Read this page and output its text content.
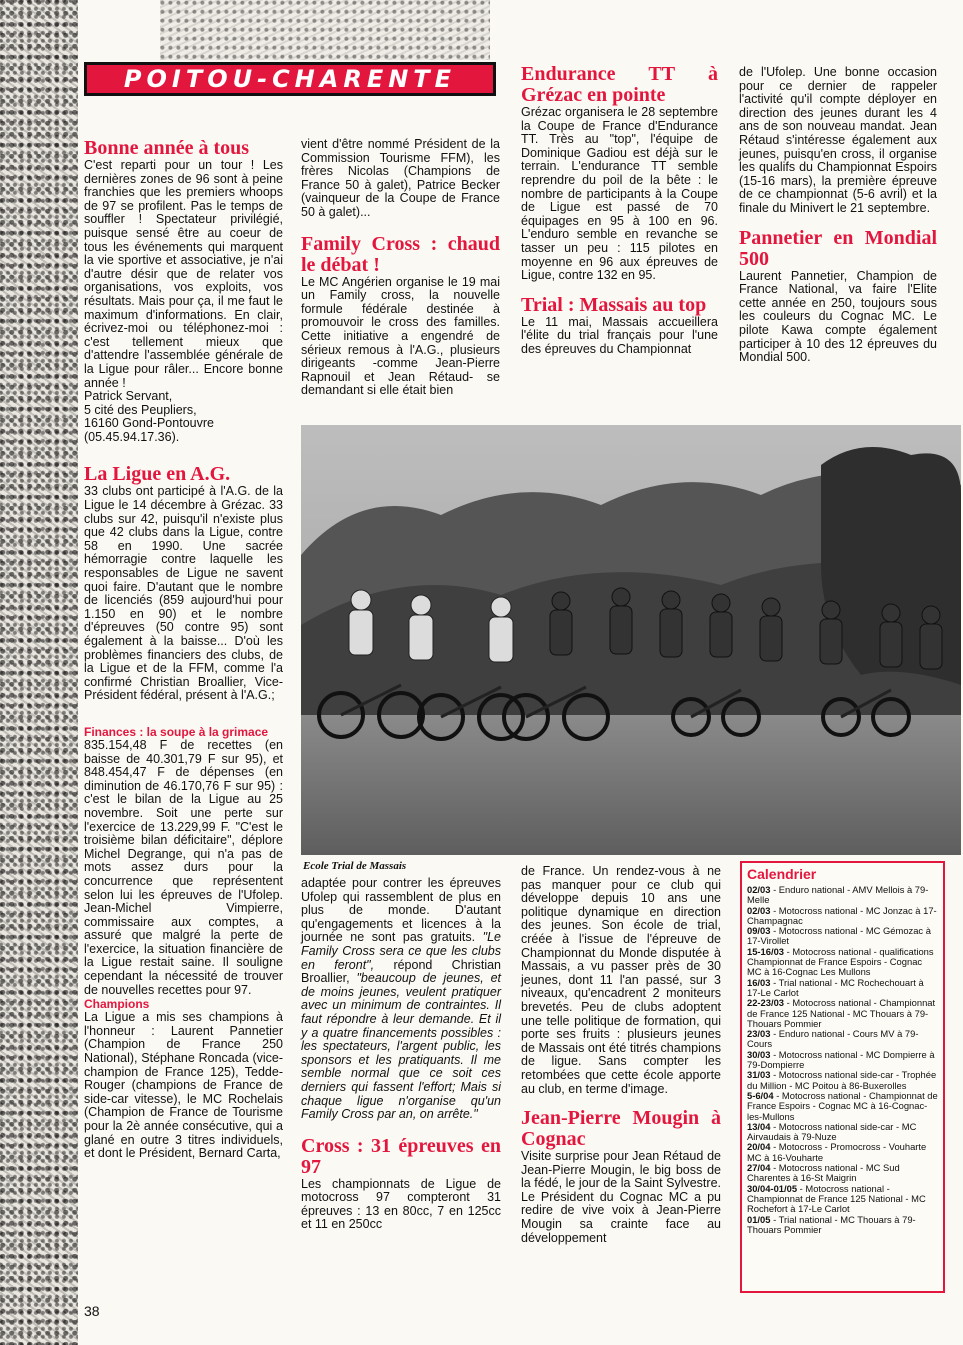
POITOU-CHARENTE

Bonne année à tous

C'est reparti pour un tour ! Les dernières zones de 96 sont à peine franchies que les premiers whoops de 97 se profilent. Pas le temps de souffler ! Spectateur privilégié, puisque sensé être au coeur de tous les événements qui marquent la vie sportive et associative, je n'ai d'autre désir que de relater vos organisations, vos exploits, vos résultats. Mais pour ça, il me faut le maximum d'informations. En clair, écrivez-moi ou téléphonez-moi : c'est tellement mieux que d'attendre l'assemblée générale de la Ligue pour râler... Encore bonne année !

Patrick Servant,

5 cité des Peupliers,

16160 Gond-Pontouvre

(05.45.94.17.36).

La Ligue en A.G.

33 clubs ont participé à l'A.G. de la Ligue le 14 décembre à Grézac. 33 clubs sur 42, puisqu'il n'existe plus que 42 clubs dans la Ligue, contre 58 en 1990. Une sacrée hémorragie contre laquelle les responsables de Ligue ne savent quoi faire. D'autant que le nombre de licenciés (859 aujourd'hui pour 1.150 en 90) et le nombre d'épreuves (50 contre 95) sont également à la baisse... D'où les problèmes financiers des clubs, de la Ligue et de la FFM, comme l'a confirmé Christian Broallier, Vice-Président fédéral, présent à l'A.G.;

Finances : la soupe à la grimace

835.154,48 F de recettes (en baisse de 40.301,79 F sur 95), et 848.454,47 F de dépenses (en diminution de 46.170,76 F sur 95) : c'est le bilan de la Ligue au 25 novembre. Soit une perte sur l'exercice de 13.229,99 F. "C'est le troisième bilan déficitaire", déplore Michel Degrange, qui n'a pas de mots assez durs pour la concurrence que représentent selon lui les épreuves de l'Ufolep. Jean-Michel Vimpierre, commissaire aux comptes, a assuré que malgré la perte de l'exercice, la situation financière de la Ligue restait saine. Il souligne cependant la nécessité de trouver de nouvelles recettes pour 97.

Champions

La Ligue a mis ses champions à l'honneur : Laurent Pannetier (Champion de France 250 National), Stéphane Roncada (vice-champion de France 125), Tedde-Rouger (champions de France de side-car vitesse), le MC Rochelais (Champion de France de Tourisme pour la 2è année consécutive, qui a glané en outre 3 titres individuels, et dont le Président, Bernard Carta,

vient d'être nommé Président de la Commission Tourisme FFM), les frères Nicolas (Champions de France 50 à galet), Patrice Becker (vainqueur de la Coupe de France 50 à galet)...

Family Cross : chaud le débat !

Le MC Angérien organise le 19 mai un Family cross, la nouvelle formule fédérale destinée à promouvoir le cross des familles. Cette initiative a engendré de sérieux remous à l'A.G., plusieurs dirigeants -comme Jean-Pierre Rapnouil et Jean Rétaud- se demandant si elle était bien

Endurance TT à Grézac en pointe

Grézac organisera le 28 septembre la Coupe de France d'Endurance TT. Très au "top", l'équipe de Dominique Gadiou est déjà sur le terrain. L'endurance TT semble reprendre du poil de la bête : le nombre de participants à la Coupe de Ligue est passé de 70 équipages en 95 à 100 en 96. L'enduro semble en revanche se tasser un peu : 115 pilotes en moyenne en 96 aux épreuves de Ligue, contre 132 en 95.

Trial : Massais au top

Le 11 mai, Massais accueillera l'élite du trial français pour l'une des épreuves du Championnat

de l'Ufolep. Une bonne occasion pour ce dernier de rappeler l'activité qu'il compte déployer en direction des jeunes durant les 4 ans de son nouveau mandat. Jean Rétaud s'intéresse également aux jeunes, puisqu'en cross, il organise les qualifs du Championnat Espoirs (15-16 mars), la première épreuve de ce championnat (5-6 avril) et la finale du Minivert le 21 septembre.

Pannetier en Mondial 500

Laurent Pannetier, Champion de France National, va faire l'Elite cette année en 250, toujours sous les couleurs du Cognac MC. Le pilote Kawa compte également participer à 10 des 12 épreuves du Mondial 500.

Ecole Trial de Massais

adaptée pour contrer les épreuves Ufolep qui rassemblent de plus en plus de monde. D'autant qu'engagements et licences à la journée ne sont pas gratuits. "Le Family Cross sera ce que les clubs en feront", répond Christian Broallier, "beaucoup de jeunes, et de moins jeunes, veulent pratiquer avec un minimum de contraintes. Il faut répondre à leur demande. Et il y a quatre financements possibles : les spectateurs, l'argent public, les sponsors et les pratiquants. Il me semble normal que ce soit ces derniers qui fassent l'effort; Mais si chaque ligue n'organise qu'un Family Cross par an, on arrête."

Cross : 31 épreuves en 97

Les championnats de Ligue de motocross 97 compteront 31 épreuves : 13 en 80cc, 7 en 125cc et 11 en 250cc

de France. Un rendez-vous à ne pas manquer pour ce club qui développe depuis 10 ans une politique dynamique en direction des jeunes. Son école de trial, créée à l'issue de l'épreuve de Championnat du Monde disputée à Massais, a vu passer près de 30 jeunes, dont 11 l'an passé, sur 3 niveaux, qu'encadrent 2 moniteurs brevetés. Peu de clubs adoptent une telle politique de formation, qui porte ses fruits : plusieurs jeunes de Massais ont été titrés champions de ligue. Sans compter les retombées que cette école apporte au club, en terme d'image.

Jean-Pierre Mougin à Cognac

Visite surprise pour Jean Rétaud de Jean-Pierre Mougin, le big boss de la fédé, le jour de la Saint Sylvestre. Le Président du Cognac MC a pu redire de vive voix à Jean-Pierre Mougin sa crainte face au développement

Calendrier

02/03 - Enduro national - AMV Mellois à 79-Melle

02/03 - Motocross national - MC Jonzac à 17-Champagnac

09/03 - Motocross national - MC Gémozac à 17-Virollet

15-16/03 - Motocross national - qualifications Championnat de France Espoirs - Cognac MC à 16-Cognac Les Mullons

16/03 - Trial national - MC Rochechouart à 17-Le Carlot

22-23/03 - Motocross national - Championnat de France 125 National - MC Thouars à 79-Thouars Pommier

23/03 - Enduro national - Cours MV à 79-Cours

30/03 - Motocross national - MC Dompierre à 79-Dompierre

31/03 - Motocross national side-car - Trophée du Million - MC Poitou à 86-Buxerolles

5-6/04 - Motocross national - Championnat de France Espoirs - Cognac MC à 16-Cognac-les-Mullons

13/04 - Motocross national side-car - MC Airvaudais à 79-Nuze

20/04 - Motocross - Promocross - Vouharte MC à 16-Vouharte

27/04 - Motocross national - MC Sud Charentes à 16-St Maigrin

30/04-01/05 - Motocross national - Championnat de France 125 National - MC Rochefort à 17-Le Carlot

01/05 - Trial national - MC Thouars à 79-Thouars Pommier

38
